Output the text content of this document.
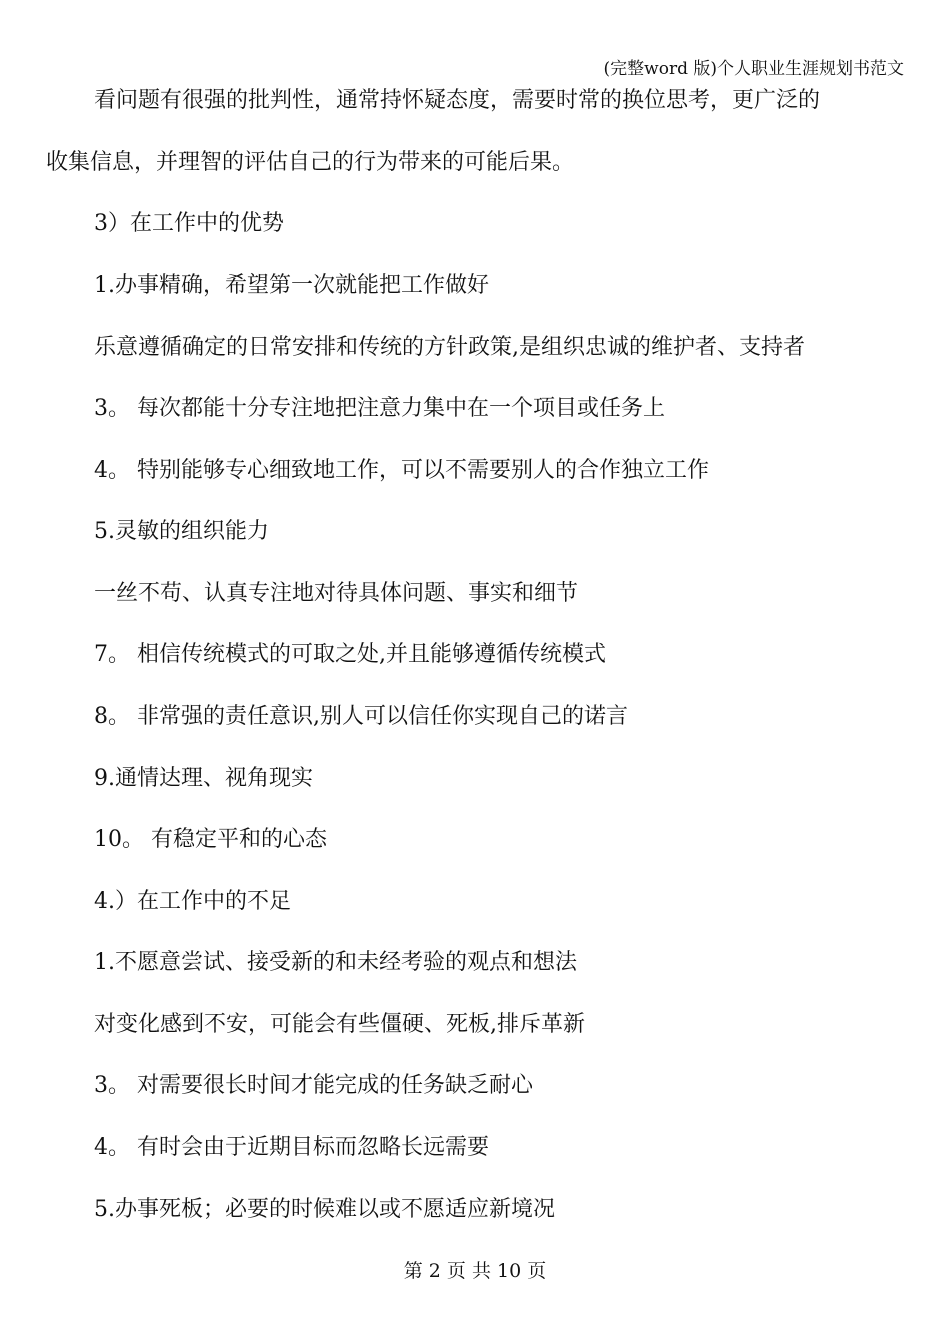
(完整word 版)个人职业生涯规划书范文
看问题有很强的批判性，通常持怀疑态度，需要时常的换位思考，更广泛的
收集信息，并理智的评估自己的行为带来的可能后果。
3）在工作中的优势
1.办事精确，希望第一次就能把工作做好
乐意遵循确定的日常安排和传统的方针政策,是组织忠诚的维护者、支持者
3。 每次都能十分专注地把注意力集中在一个项目或任务上
4。 特别能够专心细致地工作，可以不需要别人的合作独立工作
5.灵敏的组织能力
一丝不苟、认真专注地对待具体问题、事实和细节
7。 相信传统模式的可取之处,并且能够遵循传统模式
8。 非常强的责任意识,别人可以信任你实现自己的诺言
9.通情达理、视角现实
10。 有稳定平和的心态
4.）在工作中的不足
1.不愿意尝试、接受新的和未经考验的观点和想法
对变化感到不安，可能会有些僵硬、死板,排斥革新
3。 对需要很长时间才能完成的任务缺乏耐心
4。 有时会由于近期目标而忽略长远需要
5.办事死板；必要的时候难以或不愿适应新境况
第 2 页 共 10 页
